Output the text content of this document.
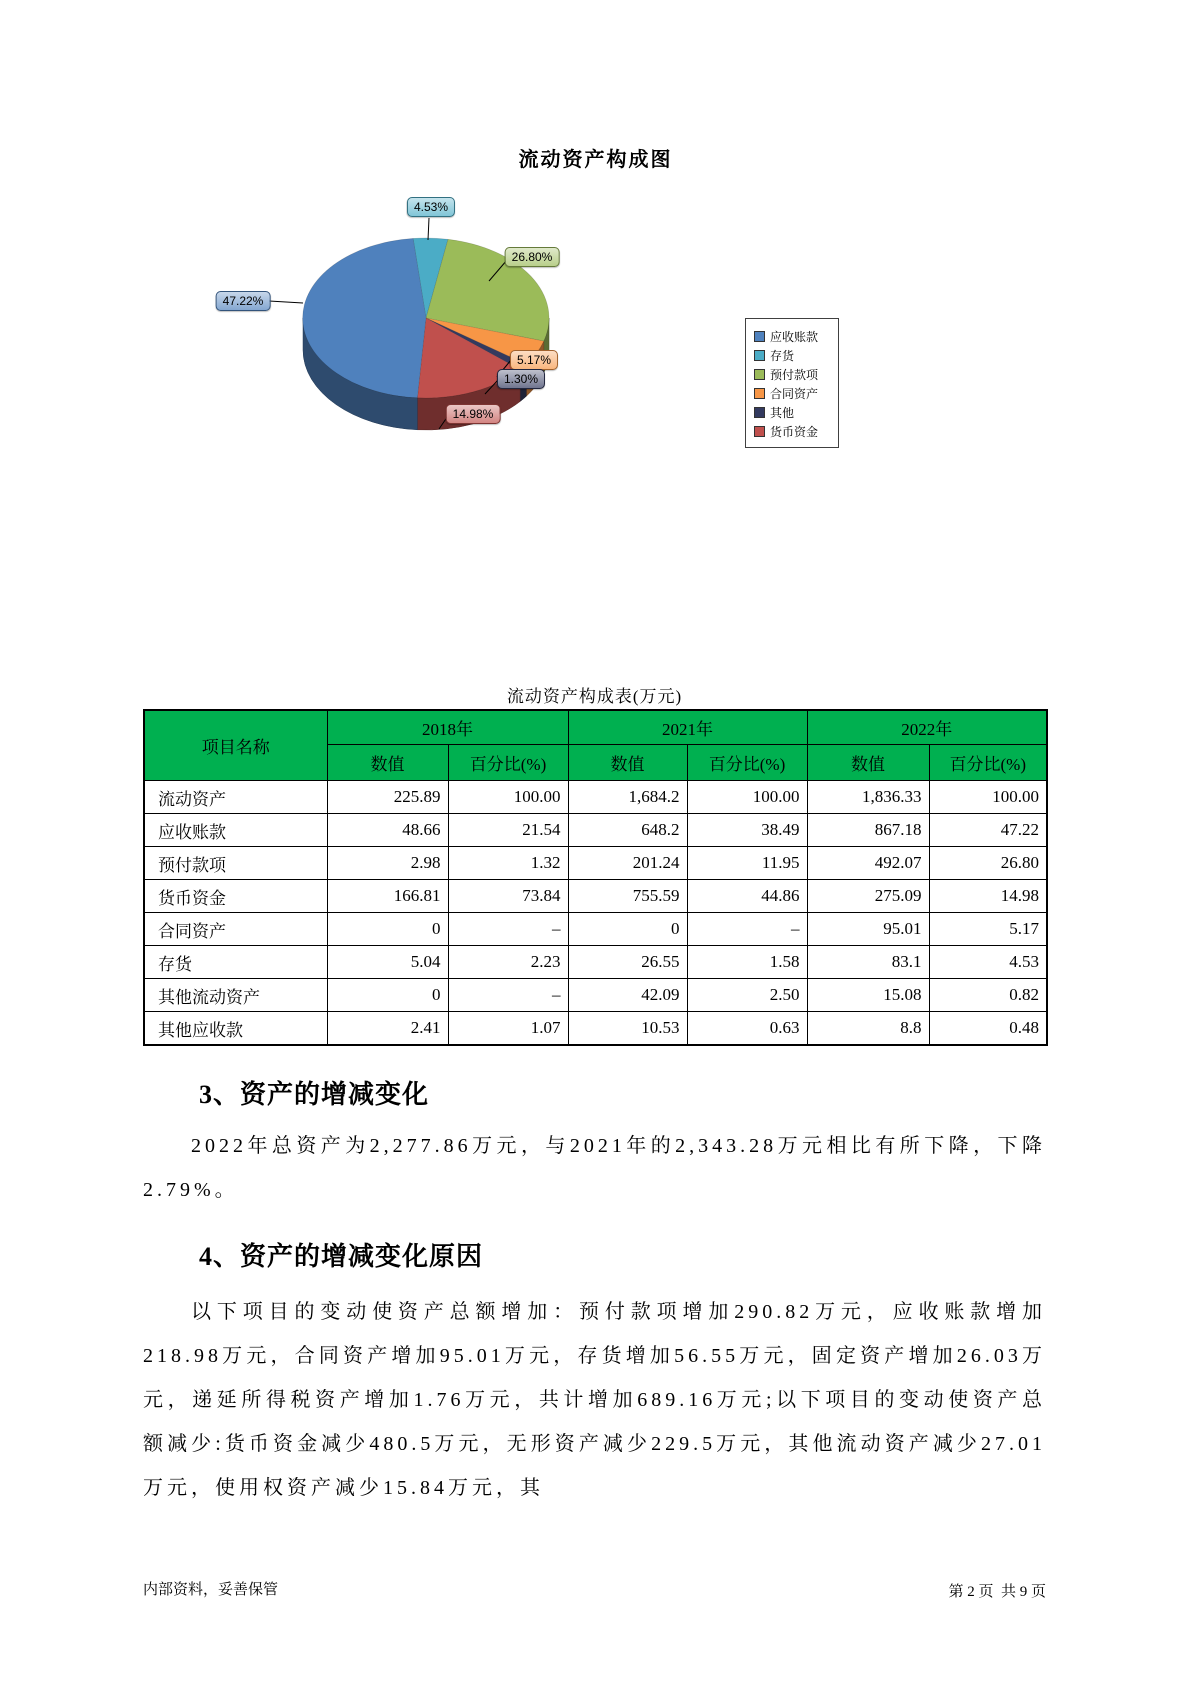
流动资产构成图
4.53%
26.80%
5.17%
1.30%
14.98%
47.22%
应收账款
存货
预付款项
合同资产
其他
货币资金
流动资产构成表(万元)
项目名称	2018年		2021年		2022年	
	数值	百分比(%)	数值	百分比(%)	数值	百分比(%)
流动资产	225.89	100.00	1,684.2	100.00	1,836.33	100.00
应收账款	48.66	21.54	648.2	38.49	867.18	47.22
预付款项	2.98	1.32	201.24	11.95	492.07	26.80
货币资金	166.81	73.84	755.59	44.86	275.09	14.98
合同资产	0	–	0	–	95.01	5.17
存货	5.04	2.23	26.55	1.58	83.1	4.53
其他流动资产	0	–	42.09	2.50	15.08	0.82
其他应收款	2.41	1.07	10.53	0.63	8.8	0.48
3、资产的增减变化
2022年总资产为2,277.86万元，与2021年的2,343.28万元相比有所下降，下降2.79%。
4、资产的增减变化原因
以下项目的变动使资产总额增加：预付款项增加290.82万元，应收账款增加218.98万元，合同资产增加95.01万元，存货增加56.55万元，固定资产增加26.03万元，递延所得税资产增加1.76万元，共计增加689.16万元;以下项目的变动使资产总额减少:货币资金减少480.5万元，无形资产减少229.5万元，其他流动资产减少27.01万元，使用权资产减少15.84万元，其
内部资料，妥善保管	第 2 页  共 9 页
